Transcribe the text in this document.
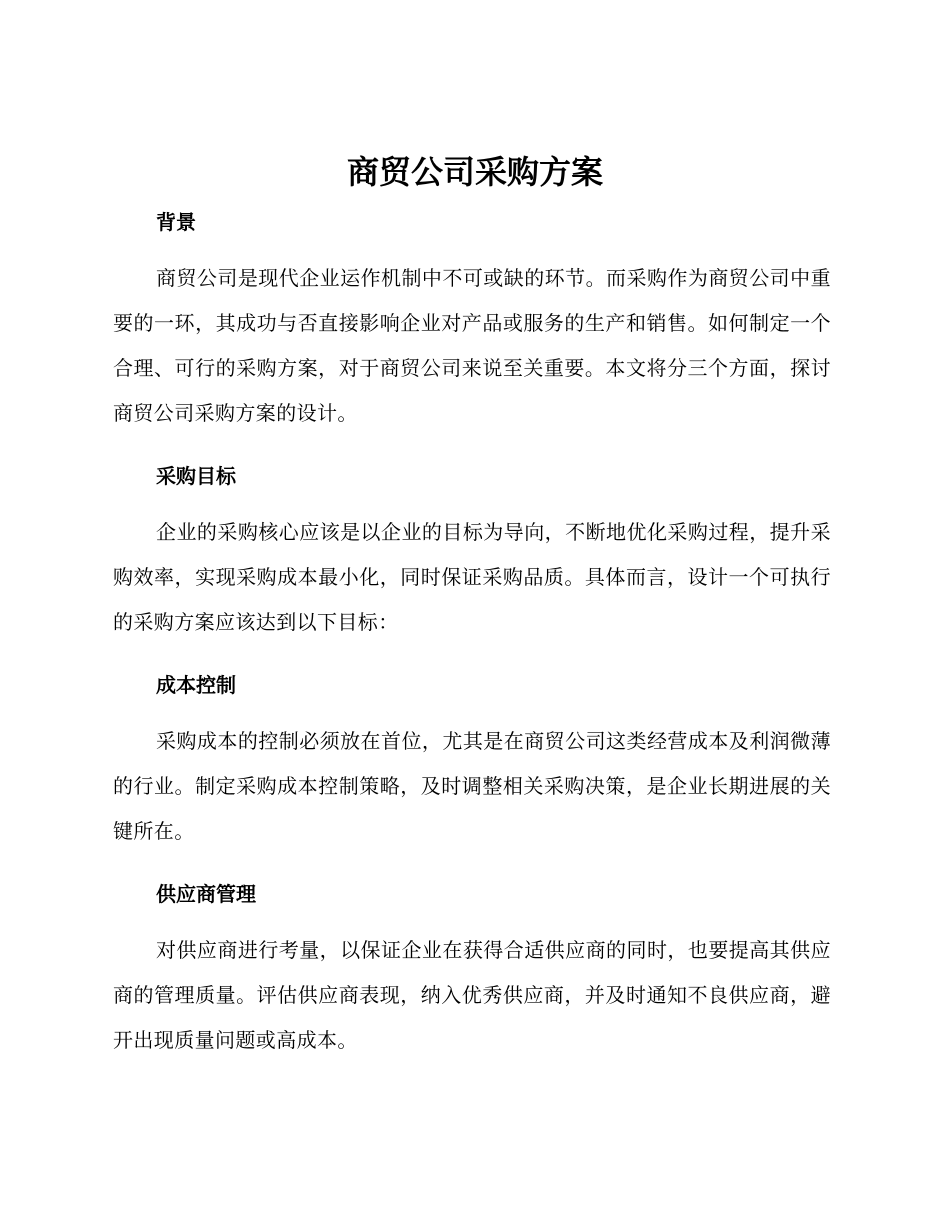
商贸公司采购方案
背景

商贸公司是现代企业运作机制中不可或缺的环节。而采购作为商贸公司中重要的一环，其成功与否直接影响企业对产品或服务的生产和销售。如何制定一个合理、可行的采购方案，对于商贸公司来说至关重要。本文将分三个方面，探讨商贸公司采购方案的设计。

采购目标

企业的采购核心应该是以企业的目标为导向，不断地优化采购过程，提升采购效率，实现采购成本最小化，同时保证采购品质。具体而言，设计一个可执行的采购方案应该达到以下目标：

成本控制

采购成本的控制必须放在首位，尤其是在商贸公司这类经营成本及利润微薄的行业。制定采购成本控制策略，及时调整相关采购决策，是企业长期进展的关键所在。

供应商管理

对供应商进行考量，以保证企业在获得合适供应商的同时，也要提高其供应商的管理质量。评估供应商表现，纳入优秀供应商，并及时通知不良供应商，避开出现质量问题或高成本。
